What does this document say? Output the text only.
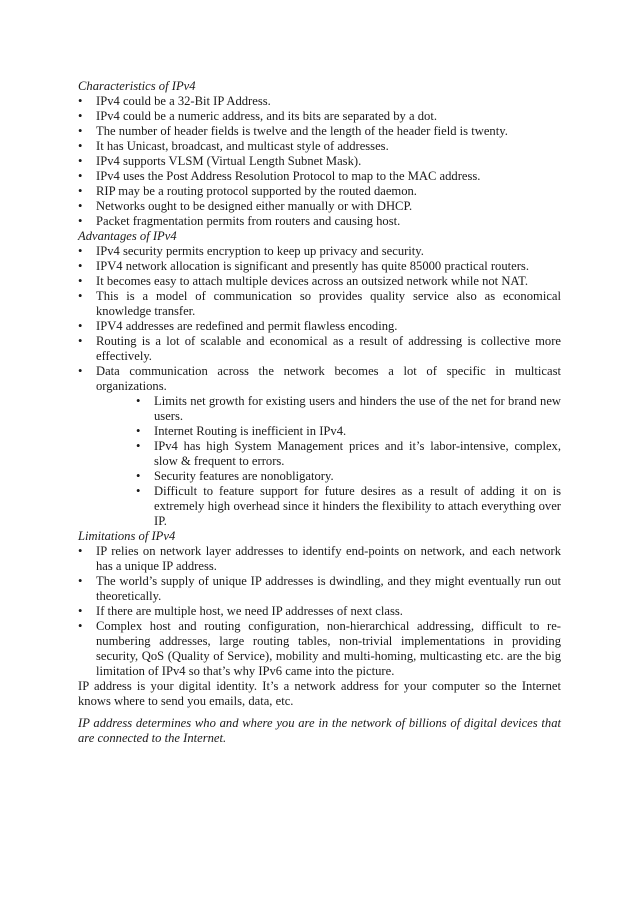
Characteristics of IPv4

• IPv4 could be a 32-Bit IP Address.
• IPv4 could be a numeric address, and its bits are separated by a dot.
• The number of header fields is twelve and the length of the header field is twenty.
• It has Unicast, broadcast, and multicast style of addresses.
• IPv4 supports VLSM (Virtual Length Subnet Mask).
• IPv4 uses the Post Address Resolution Protocol to map to the MAC address.
• RIP may be a routing protocol supported by the routed daemon.
• Networks ought to be designed either manually or with DHCP.
• Packet fragmentation permits from routers and causing host.

Advantages of IPv4

• IPv4 security permits encryption to keep up privacy and security.
• IPV4 network allocation is significant and presently has quite 85000 practical routers.
• It becomes easy to attach multiple devices across an outsized network while not NAT.
• This is a model of communication so provides quality service also as economical knowledge transfer.
• IPV4 addresses are redefined and permit flawless encoding.
• Routing is a lot of scalable and economical as a result of addressing is collective more effectively.
• Data communication across the network becomes a lot of specific in multicast organizations.
• Limits net growth for existing users and hinders the use of the net for brand new users.
• Internet Routing is inefficient in IPv4.
• IPv4 has high System Management prices and it’s labor-intensive, complex, slow & frequent to errors.
• Security features are nonobligatory.
• Difficult to feature support for future desires as a result of adding it on is extremely high overhead since it hinders the flexibility to attach everything over IP.

Limitations of IPv4

• IP relies on network layer addresses to identify end-points on network, and each network has a unique IP address.
• The world’s supply of unique IP addresses is dwindling, and they might eventually run out theoretically.
• If there are multiple host, we need IP addresses of next class.
• Complex host and routing configuration, non-hierarchical addressing, difficult to re-numbering addresses, large routing tables, non-trivial implementations in providing security, QoS (Quality of Service), mobility and multi-homing, multicasting etc. are the big limitation of IPv4 so that’s why IPv6 came into the picture.

IP address is your digital identity. It’s a network address for your computer so the Internet knows where to send you emails, data, etc.

IP address determines who and where you are in the network of billions of digital devices that are connected to the Internet.
